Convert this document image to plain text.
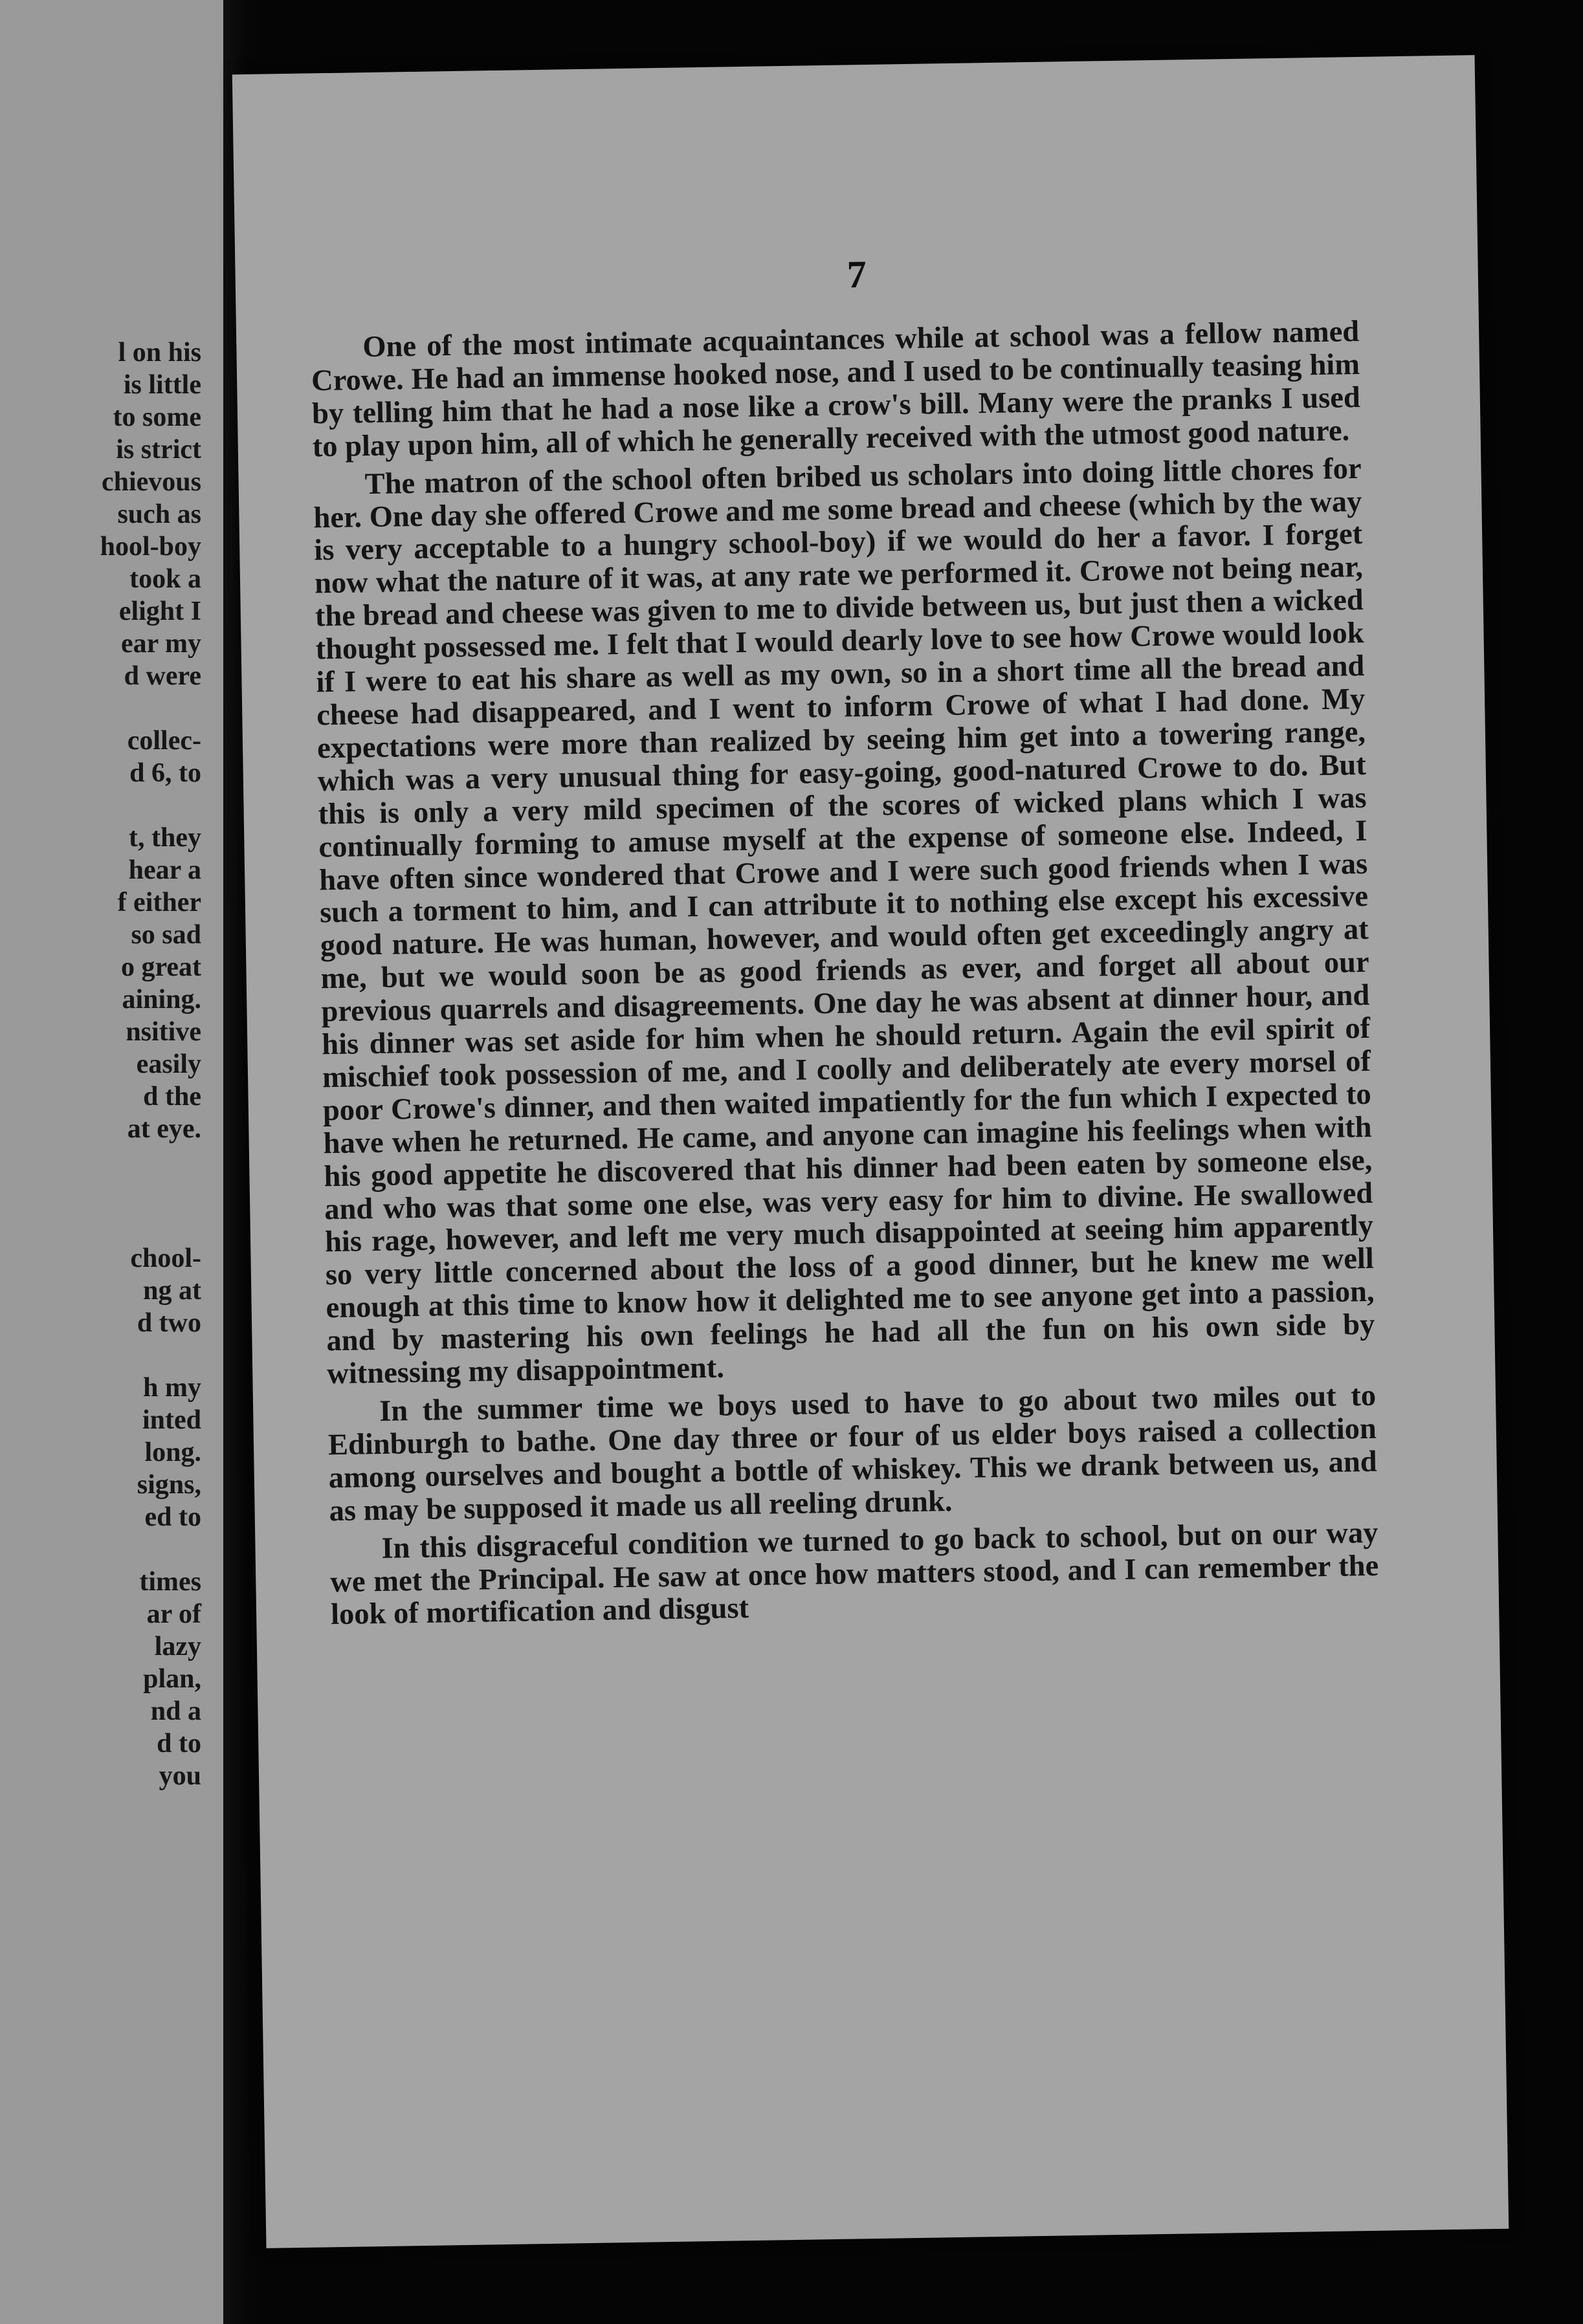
l on his

is little

to some

is strict

chievous

such as

hool-boy

took a

elight I

ear my

d were

collec-

d 6, to

t, they

hear a

f either

so sad

o great

aining.

nsitive

easily

d the

at eye.

chool-

ng at

d two

h my

inted

long.

signs,

ed to

times

ar of

lazy

plan,

nd a

d to

you

7

One of the most intimate acquaintances while at school was a fellow named Crowe. He had an immense hooked nose, and I used to be continually teasing him by telling him that he had a nose like a crow's bill. Many were the pranks I used to play upon him, all of which he generally received with the utmost good nature.

The matron of the school often bribed us scholars into doing little chores for her. One day she offered Crowe and me some bread and cheese (which by the way is very acceptable to a hungry school-boy) if we would do her a favor. I forget now what the nature of it was, at any rate we performed it. Crowe not being near, the bread and cheese was given to me to divide between us, but just then a wicked thought possessed me. I felt that I would dearly love to see how Crowe would look if I were to eat his share as well as my own, so in a short time all the bread and cheese had disappeared, and I went to inform Crowe of what I had done. My expectations were more than realized by seeing him get into a towering range, which was a very unusual thing for easy-going, good-natured Crowe to do. But this is only a very mild specimen of the scores of wicked plans which I was continually forming to amuse myself at the expense of someone else. Indeed, I have often since wondered that Crowe and I were such good friends when I was such a torment to him, and I can attribute it to nothing else except his excessive good nature. He was human, however, and would often get exceedingly angry at me, but we would soon be as good friends as ever, and forget all about our previous quarrels and disagreements. One day he was absent at dinner hour, and his dinner was set aside for him when he should return. Again the evil spirit of mischief took possession of me, and I coolly and deliberately ate every morsel of poor Crowe's dinner, and then waited impatiently for the fun which I expected to have when he returned. He came, and anyone can imagine his feelings when with his good appetite he discovered that his dinner had been eaten by someone else, and who was that some one else, was very easy for him to divine. He swallowed his rage, however, and left me very much disappointed at seeing him apparently so very little concerned about the loss of a good dinner, but he knew me well enough at this time to know how it delighted me to see anyone get into a passion, and by mastering his own feelings he had all the fun on his own side by witnessing my disappointment.

In the summer time we boys used to have to go about two miles out to Edinburgh to bathe. One day three or four of us elder boys raised a collection among ourselves and bought a bottle of whiskey. This we drank between us, and as may be supposed it made us all reeling drunk.

In this disgraceful condition we turned to go back to school, but on our way we met the Principal. He saw at once how matters stood, and I can remember the look of mortification and disgust
